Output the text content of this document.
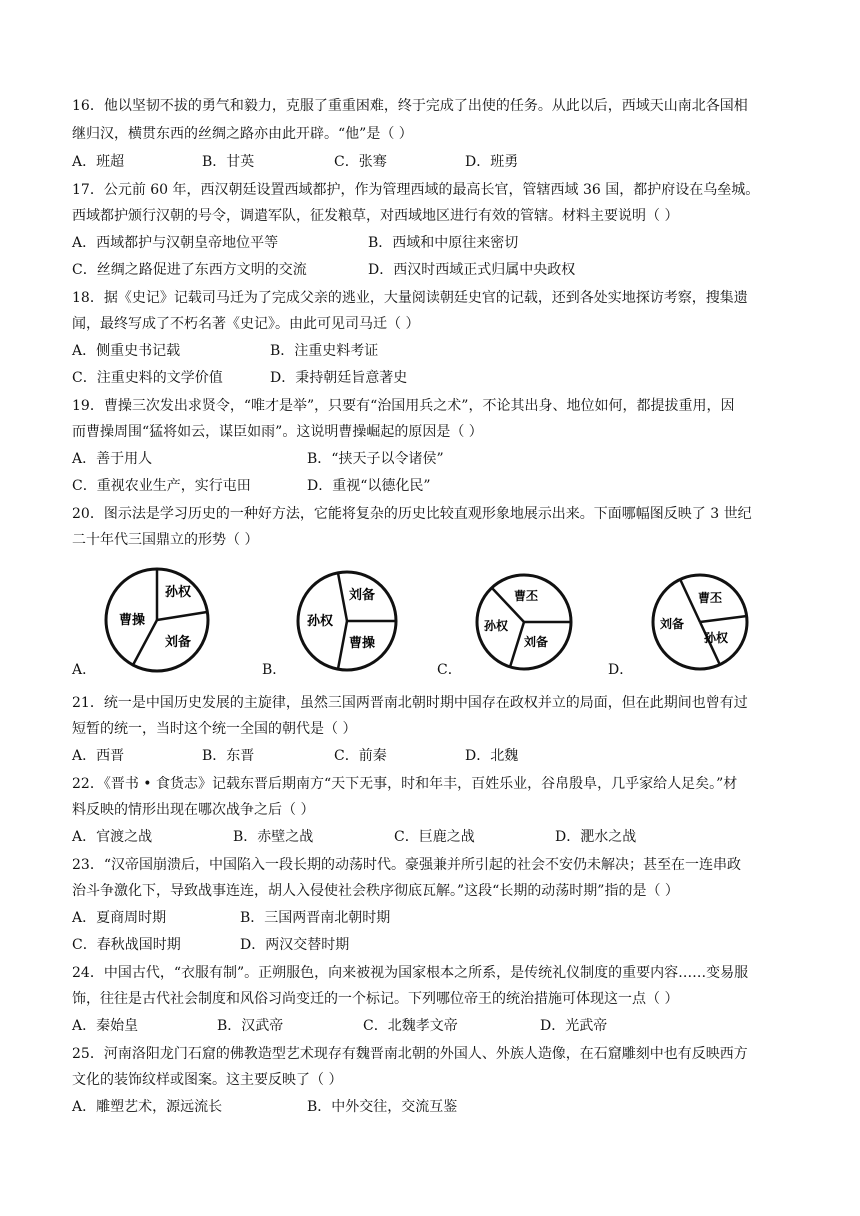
16．他以坚韧不拔的勇气和毅力，克服了重重困难，终于完成了出使的任务。从此以后，西域天山南北各国相
继归汉，横贯东西的丝绸之路亦由此开辟。“他”是（ ）
A．班超	B．甘英	C．张骞	D．班勇
17．公元前 60 年，西汉朝廷设置西域都护，作为管理西域的最高长官，管辖西域 36 国，都护府设在乌垒城。
西域都护颁行汉朝的号令，调遣军队，征发粮草，对西域地区进行有效的管辖。材料主要说明（ ）
A．西域都护与汉朝皇帝地位平等	B．西域和中原往来密切
C．丝绸之路促进了东西方文明的交流	D．西汉时西域正式归属中央政权
18．据《史记》记载司马迁为了完成父亲的逃业，大量阅读朝廷史官的记载，还到各处实地探访考察，搜集遗
闻，最终写成了不朽名著《史记》。由此可见司马迁（ ）
A．侧重史书记载	B．注重史料考证
C．注重史料的文学价值	D．秉持朝廷旨意著史
19．曹操三次发出求贤令，“唯才是举”，只要有“治国用兵之术”，不论其出身、地位如何，都提拔重用，因
而曹操周围“猛将如云，谋臣如雨”。这说明曹操崛起的原因是（ ）
A．善于用人	B．“挟天子以令诸侯”
C．重视农业生产，实行屯田	D．重视“以德化民”
20．图示法是学习历史的一种好方法，它能将复杂的历史比较直观形象地展示出来。下面哪幅图反映了 3 世纪
二十年代三国鼎立的形势（ ）
A．	B．	C．	D．
孙权
曹操
刘备
刘备
孙权
曹操
曹丕
孙权
刘备
曹丕
刘备
孙权
21．统一是中国历史发展的主旋律，虽然三国两晋南北朝时期中国存在政权并立的局面，但在此期间也曾有过
短暂的统一，当时这个统一全国的朝代是（ ）
A．西晋	B．东晋	C．前秦	D．北魏
22．《晋书 • 食货志》记载东晋后期南方“天下无事，时和年丰，百姓乐业，谷帛殷阜，几乎家给人足矣。”材
料反映的情形出现在哪次战争之后（ ）
A．官渡之战	B．赤壁之战	C．巨鹿之战	D．淝水之战
23．“汉帝国崩溃后，中国陷入一段长期的动荡时代。豪强兼并所引起的社会不安仍未解决；甚至在一连串政
治斗争激化下，导致战事连连，胡人入侵使社会秩序彻底瓦解。”这段“长期的动荡时期”指的是（ ）
A．夏商周时期	B．三国两晋南北朝时期
C．春秋战国时期	D．两汉交替时期
24．中国古代，“衣服有制”。正朔服色，向来被视为国家根本之所系，是传统礼仪制度的重要内容……变易服
饰，往往是古代社会制度和风俗习尚变迁的一个标记。下列哪位帝王的统治措施可体现这一点（ ）
A．秦始皇	B．汉武帝	C．北魏孝文帝	D．光武帝
25．河南洛阳龙门石窟的佛教造型艺术现存有魏晋南北朝的外国人、外族人造像，在石窟雕刻中也有反映西方
文化的装饰纹样或图案。这主要反映了（ ）
A．雕塑艺术，源远流长	B．中外交往，交流互鉴
